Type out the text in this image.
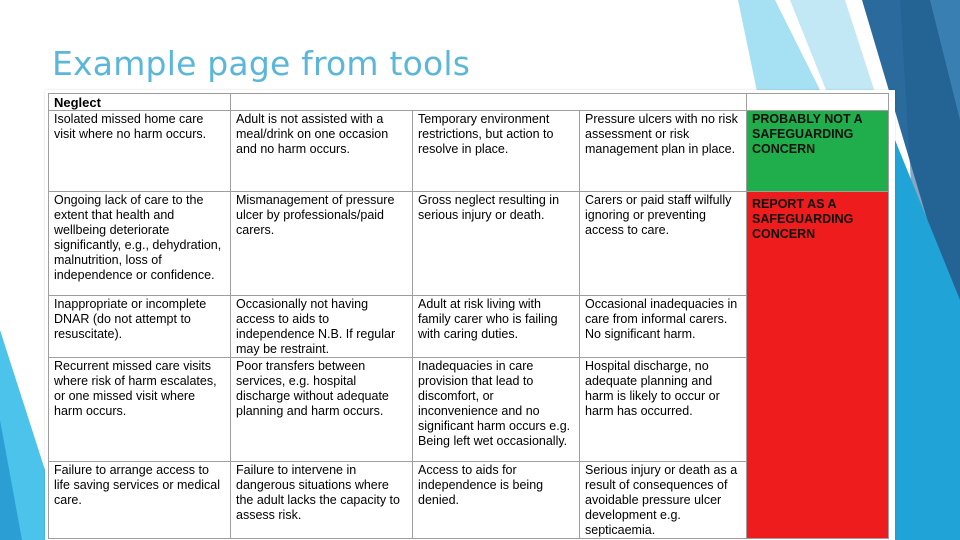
Example page from tools
Neglect				
Isolated missed home care visit where no harm occurs.	Adult is not assisted with a meal/drink on one occasion and no harm occurs.	Temporary environment restrictions, but action to resolve in place.	Pressure ulcers with no risk assessment or risk management plan in place.	PROBABLY NOT A SAFEGUARDING CONCERN
Ongoing lack of care to the extent that health and wellbeing deteriorate significantly, e.g., dehydration, malnutrition, loss of independence or confidence.	Mismanagement of pressure ulcer by professionals/paid carers.	Gross neglect resulting in serious injury or death.	Carers or paid staff wilfully ignoring or preventing access to care.	REPORT AS A SAFEGUARDING CONCERN

Inappropriate or incomplete DNAR (do not attempt to resuscitate).	Occasionally not having access to aids to independence N.B. If regular may be restraint.	Adult at risk living with family carer who is failing with caring duties.	Occasional inadequacies in care from informal carers. No significant harm.	
Recurrent missed care visits where risk of harm escalates, or one missed visit where harm occurs.	Poor transfers between services, e.g. hospital discharge without adequate planning and harm occurs.	Inadequacies in care provision that lead to discomfort, or inconvenience and no significant harm occurs e.g. Being left wet occasionally.	Hospital discharge, no adequate planning and harm is likely to occur or harm has occurred.	
Failure to arrange access to life saving services or medical care.	Failure to intervene in dangerous situations where the adult lacks the capacity to assess risk.	Access to aids for independence is being denied.	Serious injury or death as a result of consequences of avoidable pressure ulcer development e.g. septicaemia.	
